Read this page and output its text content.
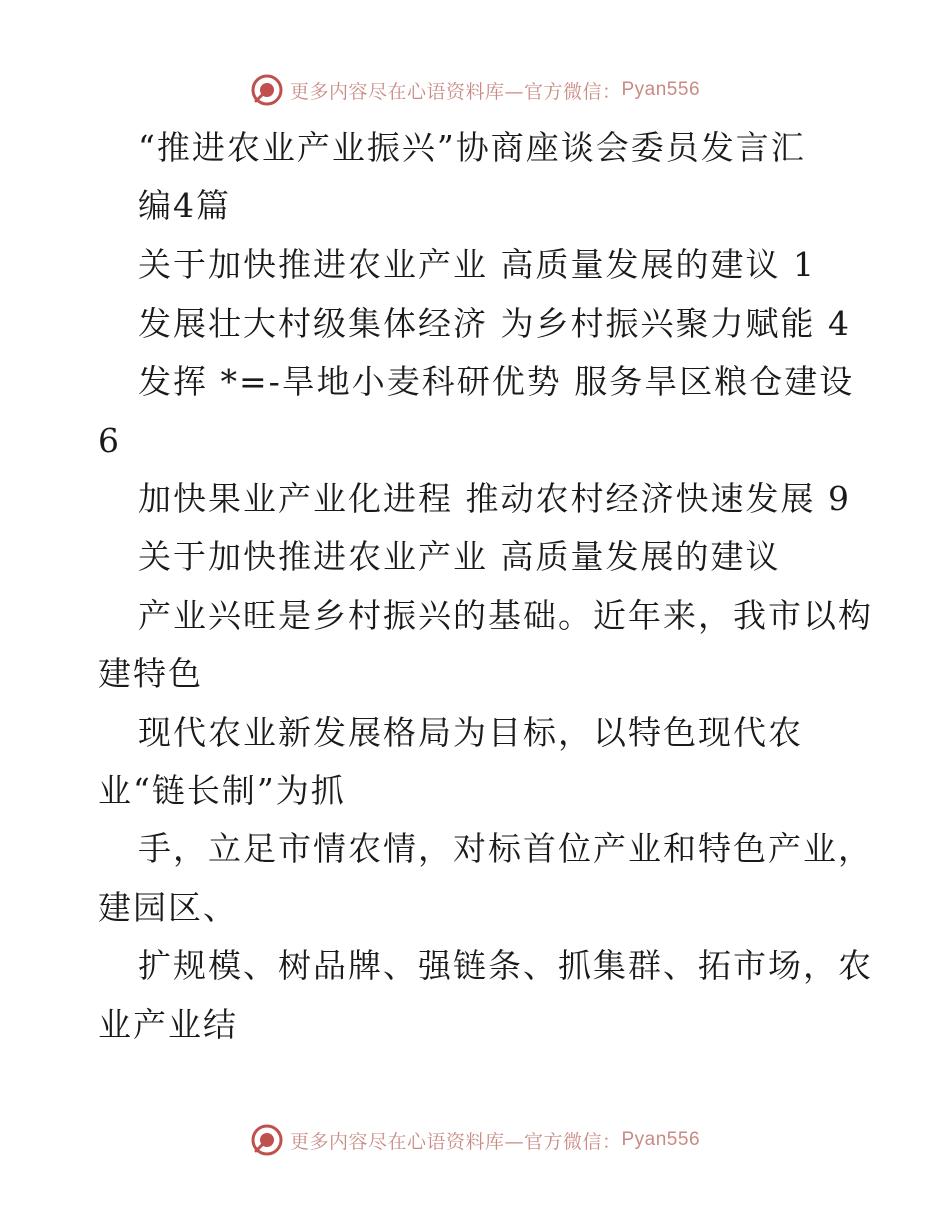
更多内容尽在心语资料库—官方微信： Pyan556
“推进农业产业振兴”协商座谈会委员发言汇
编4篇
关于加快推进农业产业 高质量发展的建议 1
发展壮大村级集体经济 为乡村振兴聚力赋能 4
发挥 *=-旱地小麦科研优势 服务旱区粮仓建设
6
加快果业产业化进程 推动农村经济快速发展 9
关于加快推进农业产业 高质量发展的建议
产业兴旺是乡村振兴的基础。近年来，我市以构
建特色
现代农业新发展格局为目标，以特色现代农
业“链长制”为抓
手，立足市情农情，对标首位产业和特色产业，
建园区、
扩规模、树品牌、强链条、抓集群、拓市场，农
业产业结
更多内容尽在心语资料库—官方微信： Pyan556
